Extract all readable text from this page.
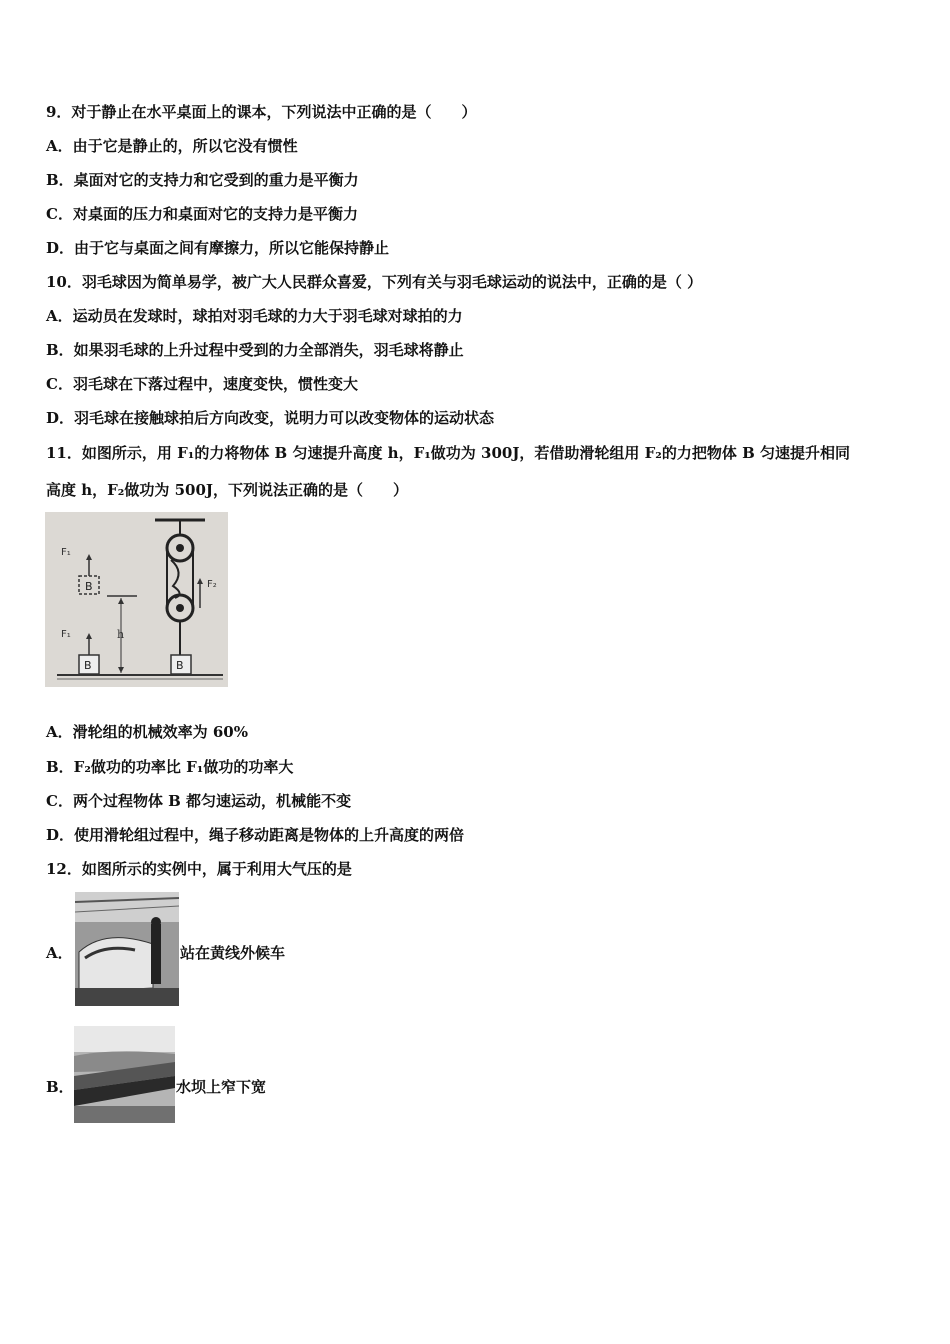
9．对于静止在水平桌面上的课本，下列说法中正确的是（　　）
A．由于它是静止的，所以它没有惯性
B．桌面对它的支持力和它受到的重力是平衡力
C．对桌面的压力和桌面对它的支持力是平衡力
D．由于它与桌面之间有摩擦力，所以它能保持静止
10．羽毛球因为简单易学，被广大人民群众喜爱，下列有关与羽毛球运动的说法中，正确的是（ ）
A．运动员在发球时，球拍对羽毛球的力大于羽毛球对球拍的力
B．如果羽毛球的上升过程中受到的力全部消失，羽毛球将静止
C．羽毛球在下落过程中，速度变快，惯性变大
D．羽毛球在接触球拍后方向改变，说明力可以改变物体的运动状态
11．如图所示，用 F₁的力将物体 B 匀速提升高度 h，F₁做功为 300J，若借助滑轮组用 F₂的力把物体 B 匀速提升相同
高度 h，F₂做功为 500J，下列说法正确的是（　　）
B
F₁
B
F₁	h
F₂
B
A．滑轮组的机械效率为 60%
B．F₂做功的功率比 F₁做功的功率大
C．两个过程物体 B 都匀速运动，机械能不变
D．使用滑轮组过程中，绳子移动距离是物体的上升高度的两倍
12．如图所示的实例中，属于利用大气压的是
A．	站在黄线外候车
B．	水坝上窄下宽
